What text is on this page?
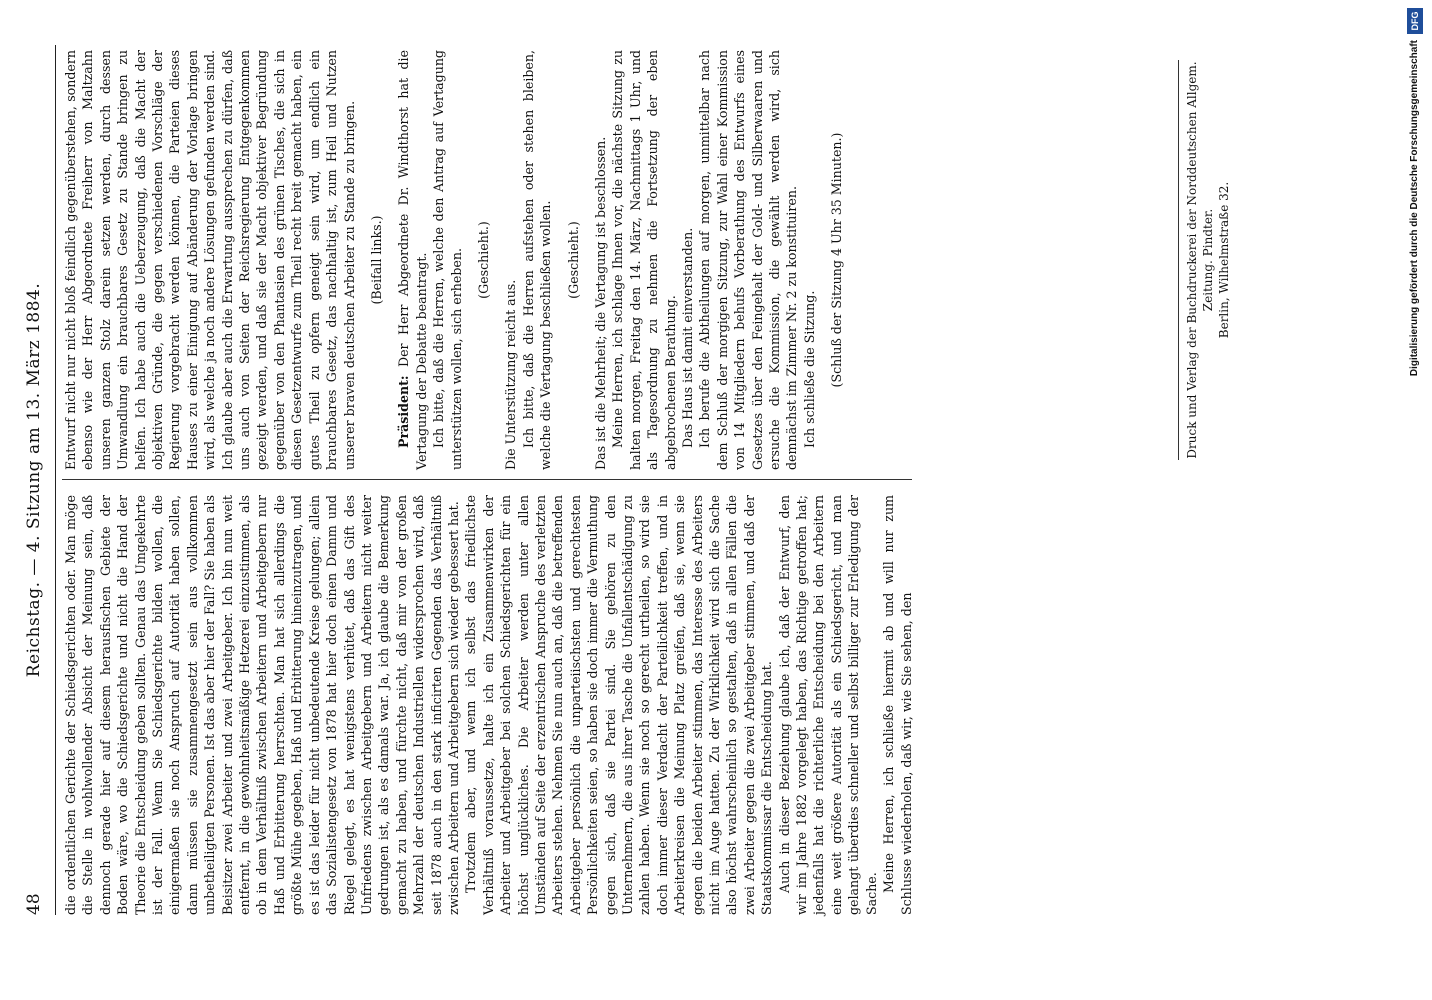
48
Reichstag. — 4. Sitzung am 13. März 1884.

die ordentlichen Gerichte der Schiedsgerichten oder. Man möge die Stelle in wohlwollender Absicht der Meinung sein, daß dennoch gerade hier auf diesem herausfischen Gebiete der Boden wäre, wo die Schiedsgerichte und nicht die Hand der Theorie die Entscheidung geben sollten. Genau das Umgekehrte ist der Fall. Wenn Sie Schiedsgerichte bilden wollen, die einigermaßen sie noch Anspruch auf Autorität haben sollen, dann müssen sie zusammengesetzt sein aus vollkommen unbetheiligten Personen. Ist das aber hier der Fall? Sie haben als Beisitzer zwei Arbeiter und zwei Arbeitgeber. Ich bin nun weit entfernt, in die gewohnheitsmäßige Hetzerei einzustimmen, als ob in dem Verhältniß zwischen Arbeitern und Arbeitgebern nur Haß und Erbitterung herrschten. Man hat sich allerdings die größte Mühe gegeben, Haß und Erbitterung hineinzutragen, und es ist das leider für nicht unbedeutende Kreise gelungen; allein das Sozialistengesetz von 1878 hat hier doch einen Damm und Riegel gelegt, es hat wenigstens verhütet, daß das Gift des Unfriedens zwischen Arbeitgebern und Arbeitern nicht weiter gedrungen ist, als es damals war. Ja, ich glaube die Bemerkung gemacht zu haben, und fürchte nicht, daß mir von der großen Mehrzahl der deutschen Industriellen widersprochen wird, daß seit 1878 auch in den stark inficirten Gegenden das Verhältniß zwischen Arbeitern und Arbeitgebern sich wieder gebessert hat. Trotzdem aber, und wenn ich selbst das friedlichste Verhältniß voraussetze, halte ich ein Zusammenwirken der Arbeiter und Arbeitgeber bei solchen Schiedsgerichten für ein höchst unglückliches. Die Arbeiter werden unter allen Umständen auf Seite der erzentrischen Anspruche des verletzten Arbeiters stehen. Nehmen Sie nun auch an, daß die betreffenden Arbeitgeber persönlich die unparteiischsten und gerechtesten Persönlichkeiten seien, so haben sie doch immer die Vermuthung gegen sich, daß sie Partei sind. Sie gehören zu den Unternehmern, die aus ihrer Tasche die Unfallentschädigung zu zahlen haben. Wenn sie noch so gerecht urtheilen, so wird sie doch immer dieser Verdacht der Parteilichkeit treffen, und in Arbeiterkreisen die Meinung Platz greifen, daß sie, wenn sie gegen die beiden Arbeiter stimmen, das Interesse des Arbeiters nicht im Auge hatten. Zu der Wirklichkeit wird sich die Sache also höchst wahrscheinlich so gestalten, daß in allen Fällen die zwei Arbeiter gegen die zwei Arbeitgeber stimmen, und daß der Staatskommissar die Entscheidung hat. Auch in dieser Beziehung glaube ich, daß der Entwurf, den wir im Jahre 1882 vorgelegt haben, das Richtige getroffen hat; jedenfalls hat die richterliche Entscheidung bei den Arbeitern eine weit größere Autorität als ein Schiedsgericht, und man gelangt überdies schneller und selbst billiger zur Erledigung der Sache.

Meine Herren, ich schließe hiermit ab und will nur zum Schlusse wiederholen, daß wir, wie Sie sehen, den

Entwurf nicht nur nicht bloß feindlich gegenüberstehen, sondern ebenso wie der Herr Abgeordnete Freiherr von Maltzahn unseren ganzen Stolz darein setzen werden, durch dessen Umwandlung ein brauchbares Gesetz zu Stande bringen zu helfen. Ich habe auch die Ueberzeugung, daß die Macht der objektiven Gründe, die gegen verschiedenen Vorschläge der Regierung vorgebracht werden können, die Parteien dieses Hauses zu einer Einigung auf Abänderung der Vorlage bringen wird, als welche ja noch andere Lösungen gefunden werden sind. Ich glaube aber auch die Erwartung aussprechen zu dürfen, daß uns auch von Seiten der Reichsregierung Entgegenkommen gezeigt werden, und daß sie der Macht objektiver Begründung gegenüber von den Phantasien des grünen Tisches, die sich in diesen Gesetzentwurfe zum Theil recht breit gemacht haben, ein gutes Theil zu opfern geneigt sein wird, um endlich ein brauchbares Gesetz, das nachhaltig ist, zum Heil und Nutzen unserer braven deutschen Arbeiter zu Stande zu bringen. (Beifall links.)

Präsident: Der Herr Abgeordnete Dr. Windthorst hat die Vertagung der Debatte beantragt. Ich bitte, daß die Herren, welche den Antrag auf Vertagung unterstützen wollen, sich erheben. (Geschieht.)

Die Unterstützung reicht aus. Ich bitte, daß die Herren aufstehen oder stehen bleiben, welche die Vertagung beschließen wollen. (Geschieht.) Das ist die Mehrheit; die Vertagung ist beschlossen. Meine Herren, ich schlage Ihnen vor, die nächste Sitzung zu halten morgen, Freitag den 14. März, Nachmittags 1 Uhr, und als Tagesordnung zu nehmen die Fortsetzung der eben abgebrochenen Berathung. Das Haus ist damit einverstanden. Ich berufe die Abtheilungen auf morgen, unmittelbar nach dem Schluß der morgigen Sitzung, zur Wahl einer Kommission von 14 Mitgliedern behufs Vorberathung des Entwurfs eines Gesetzes über den Feingehalt der Gold- und Silberwaaren und ersuche die Kommission, die gewählt werden wird, sich demnächst im Zimmer Nr. 2 zu konstituiren. Ich schließe die Sitzung. (Schluß der Sitzung 4 Uhr 35 Minuten.)	Druck und Verlag der Buchdruckerei der Norddeutschen Allgem. Zeitung. Pindter. Berlin, Wilhelmstraße 32.	Digitalisierung gefördert durch die Deutsche Forschungsgemeinschaft
DFG
